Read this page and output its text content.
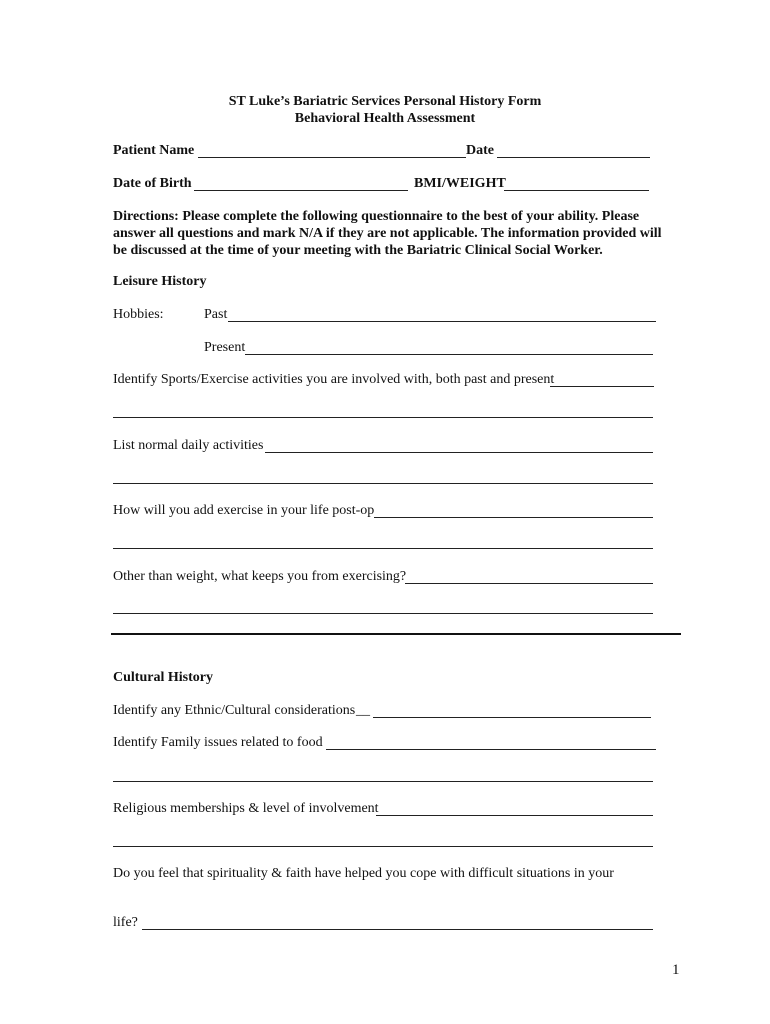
ST Luke’s Bariatric Services Personal History Form
Behavioral Health Assessment
Patient Name	Date
Date of Birth	BMI/WEIGHT
Directions: Please complete the following questionnaire to the best of your ability. Please answer all questions and mark N/A if they are not applicable. The information provided will be discussed at the time of your meeting with the Bariatric Clinical Social Worker.
Leisure History
Hobbies:	Past
Present
Identify Sports/Exercise activities you are involved with, both past and present
List normal daily activities
How will you add exercise in your life post-op
Other than weight, what keeps you from exercising?
Cultural History
Identify any Ethnic/Cultural considerations __
Identify Family issues related to food
Religious memberships & level of involvement
Do you feel that spirituality & faith have helped you cope with difficult situations in your
life?
1
